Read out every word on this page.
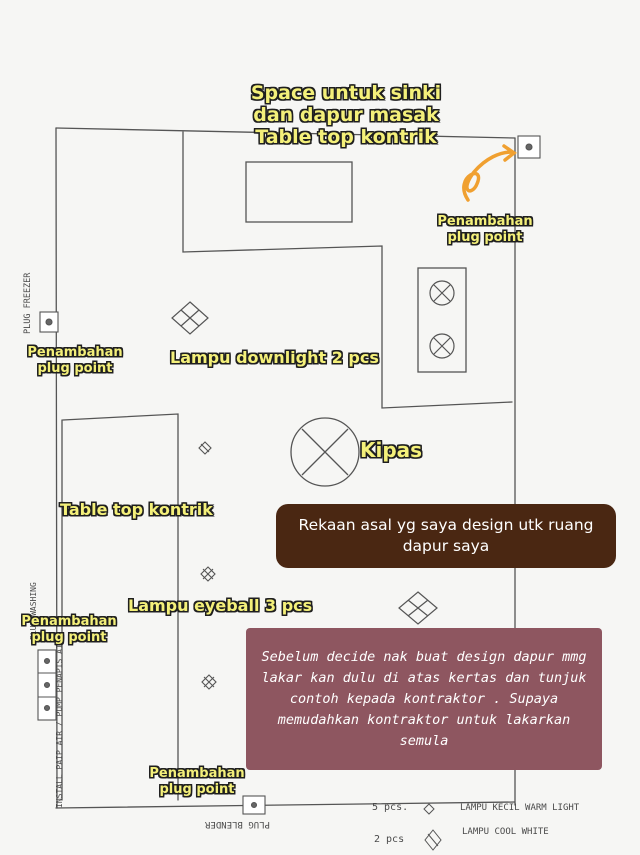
PLUG FREEZER
PLUG WASHING
INSTALL PAIP AIR / PUMP PENAPIS AIR
PLUG BLENDER
5 pcs.	LAMPU KECIL WARM LIGHT
2 pcs
LAMPU COOL WHITE
Space untuk sinki
dan dapur masak
Table top kontrik
Penambahan
plug point
Penambahan
plug point
Lampu downlight 2 pcs
Kipas
Table top kontrik
Lampu eyeball 3 pcs
Penambahan
plug point
Penambahan
plug point
Rekaan asal yg saya design utk ruang dapur saya
Sebelum decide nak buat design dapur mmg lakar kan dulu di atas kertas dan tunjuk contoh kepada kontraktor . Supaya memudahkan kontraktor untuk lakarkan semula
